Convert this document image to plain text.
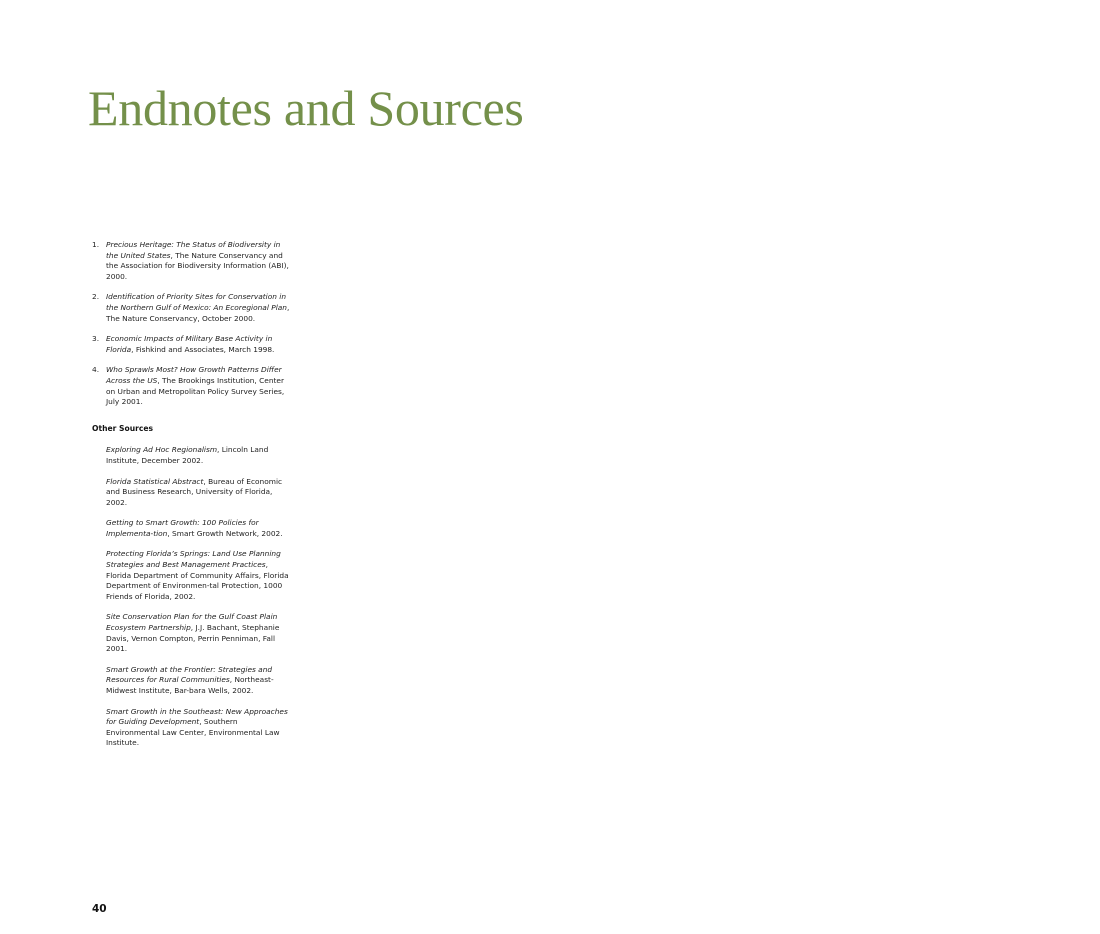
Endnotes and Sources
1. Precious Heritage: The Status of Biodiversity in the United States, The Nature Conservancy and the Association for Biodiversity Information (ABI), 2000.
2. Identification of Priority Sites for Conservation in the Northern Gulf of Mexico: An Ecoregional Plan, The Nature Conservancy, October 2000.
3. Economic Impacts of Military Base Activity in Florida, Fishkind and Associates, March 1998.
4. Who Sprawls Most? How Growth Patterns Differ Across the US, The Brookings Institution, Center on Urban and Metropolitan Policy Survey Series, July 2001.
Other Sources
Exploring Ad Hoc Regionalism, Lincoln Land Institute, December 2002.
Florida Statistical Abstract, Bureau of Economic and Business Research, University of Florida, 2002.
Getting to Smart Growth: 100 Policies for Implementa-tion, Smart Growth Network, 2002.
Protecting Florida’s Springs: Land Use Planning Strategies and Best Management Practices, Florida Department of Community Affairs, Florida Department of Environmen-tal Protection, 1000 Friends of Florida, 2002.
Site Conservation Plan for the Gulf Coast Plain Ecosystem Partnership, J.J. Bachant, Stephanie Davis, Vernon Compton, Perrin Penniman, Fall 2001.
Smart Growth at the Frontier: Strategies and Resources for Rural Communities, Northeast-Midwest Institute, Bar-bara Wells, 2002.
Smart Growth in the Southeast: New Approaches for Guiding Development, Southern Environmental Law Center, Environmental Law Institute.
40
